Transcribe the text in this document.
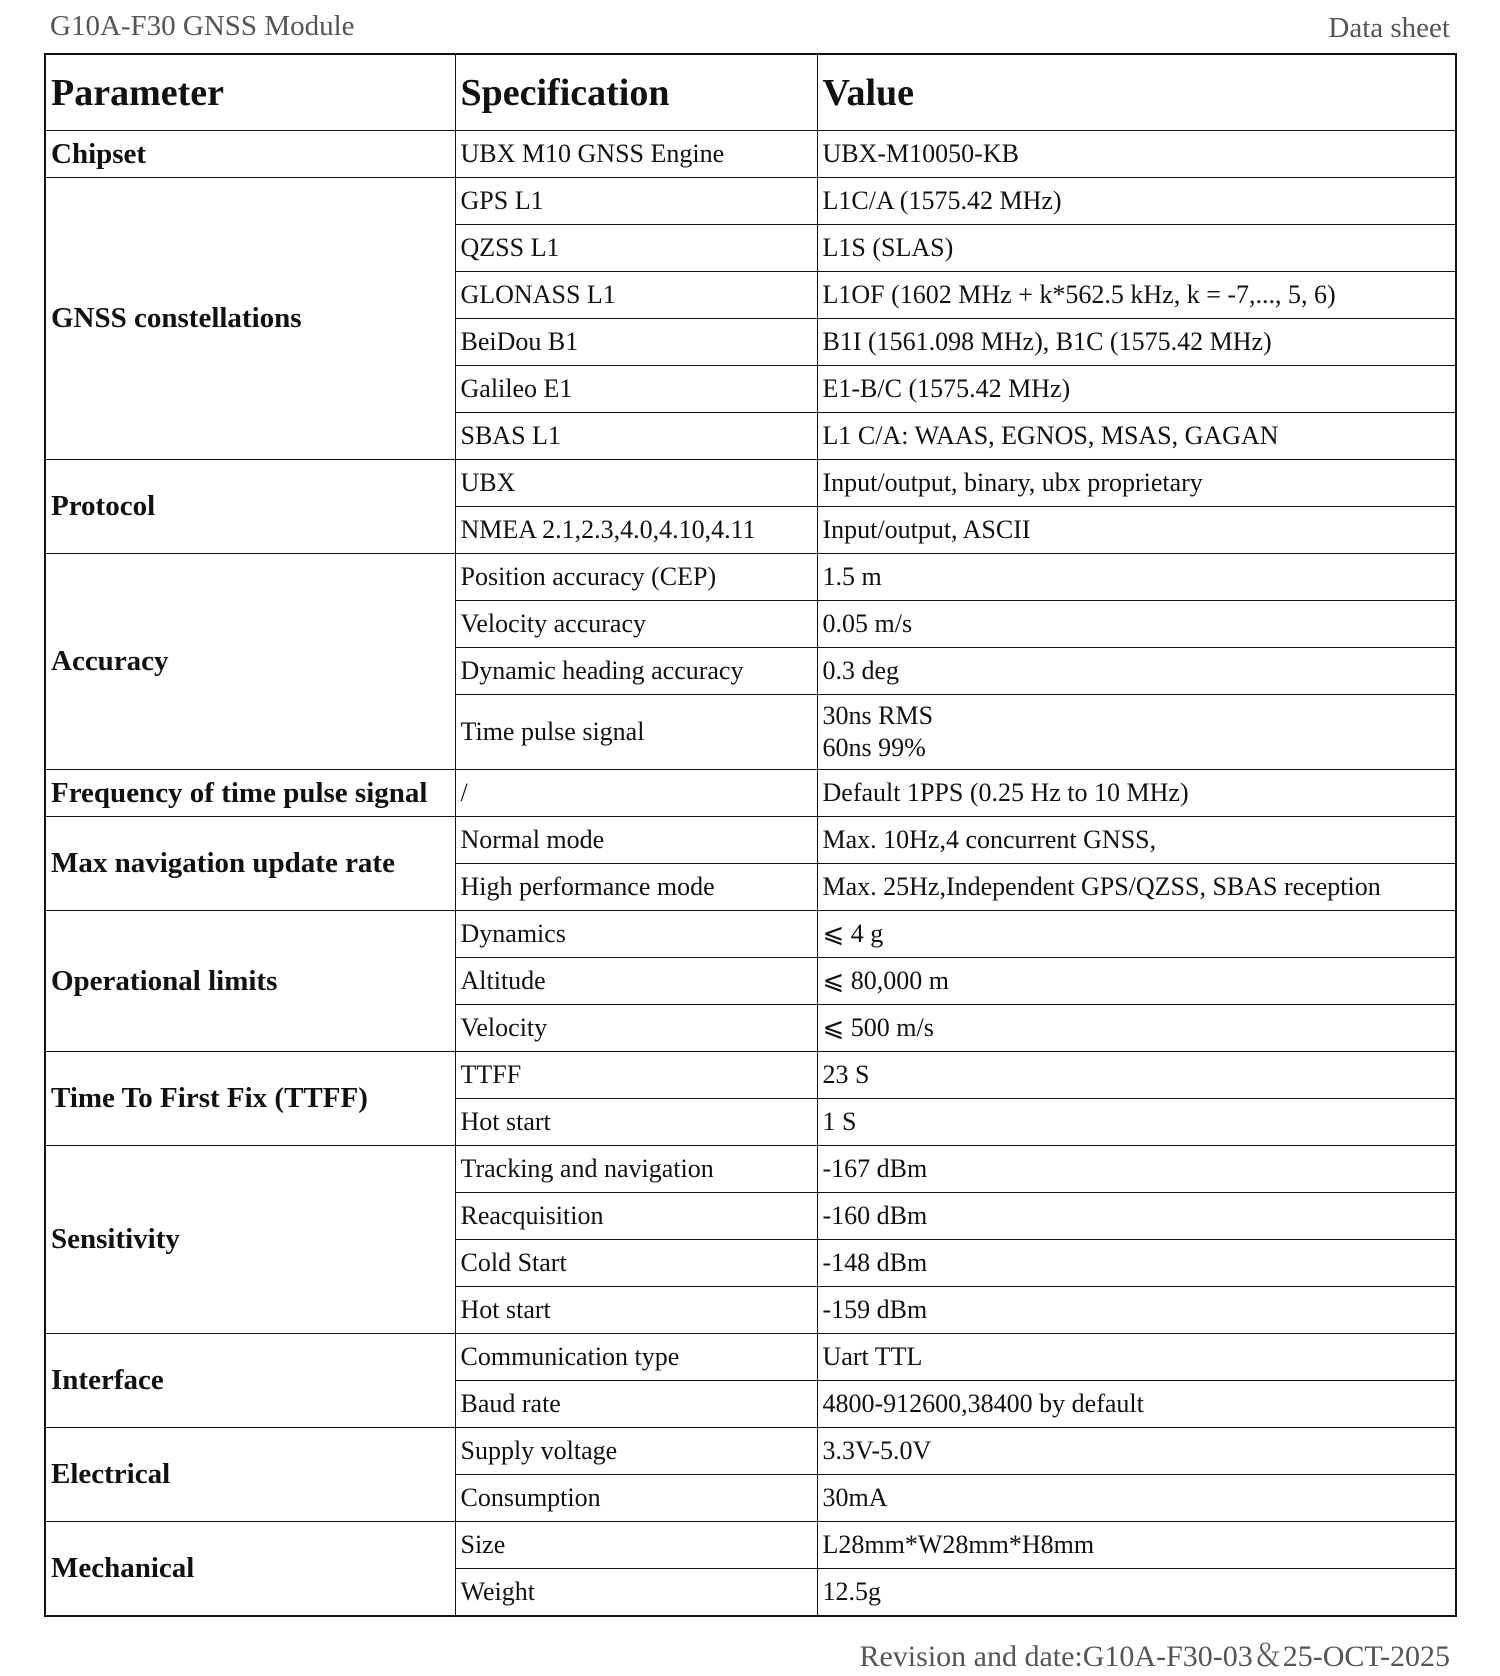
G10A-F30 GNSS Module	Data sheet
Parameter	Specification	Value
Chipset	UBX M10 GNSS Engine	UBX-M10050-KB

GNSS constellations	GPS L1	L1C/A (1575.42 MHz)

	QZSS L1	L1S (SLAS)

	GLONASS L1	L1OF (1602 MHz + k*562.5 kHz, k = -7,..., 5, 6)

	BeiDou B1	B1I (1561.098 MHz), B1C (1575.42 MHz)

	Galileo E1	E1-B/C (1575.42 MHz)

	SBAS L1	L1 C/A: WAAS, EGNOS, MSAS, GAGAN

Protocol	UBX	Input/output, binary, ubx proprietary

	NMEA 2.1,2.3,4.0,4.10,4.11	Input/output, ASCII

Accuracy	Position accuracy (CEP)	1.5 m

	Velocity accuracy	0.05 m/s

	Dynamic heading accuracy	0.3 deg

	Time pulse signal	30ns RMS
60ns 99%

Frequency of time pulse signal	/	Default 1PPS (0.25 Hz to 10 MHz)

Max navigation update rate	Normal mode	Max. 10Hz,4 concurrent GNSS,

	High performance mode	Max. 25Hz,Independent GPS/QZSS, SBAS reception

Operational limits	Dynamics	⩽ 4 g

	Altitude	⩽ 80,000 m

	Velocity	⩽ 500 m/s

Time To First Fix (TTFF)	TTFF	23 S

	Hot start	1 S

Sensitivity	Tracking and navigation	-167 dBm

	Reacquisition	-160 dBm

	Cold Start	-148 dBm

	Hot start	-159 dBm

Interface	Communication type	Uart TTL

	Baud rate	4800-912600,38400 by default

Electrical	Supply voltage	3.3V-5.0V

	Consumption	30mA

Mechanical	Size	L28mm*W28mm*H8mm

	Weight	12.5g
Revision and date:G10A-F30-03＆25-OCT-2025
